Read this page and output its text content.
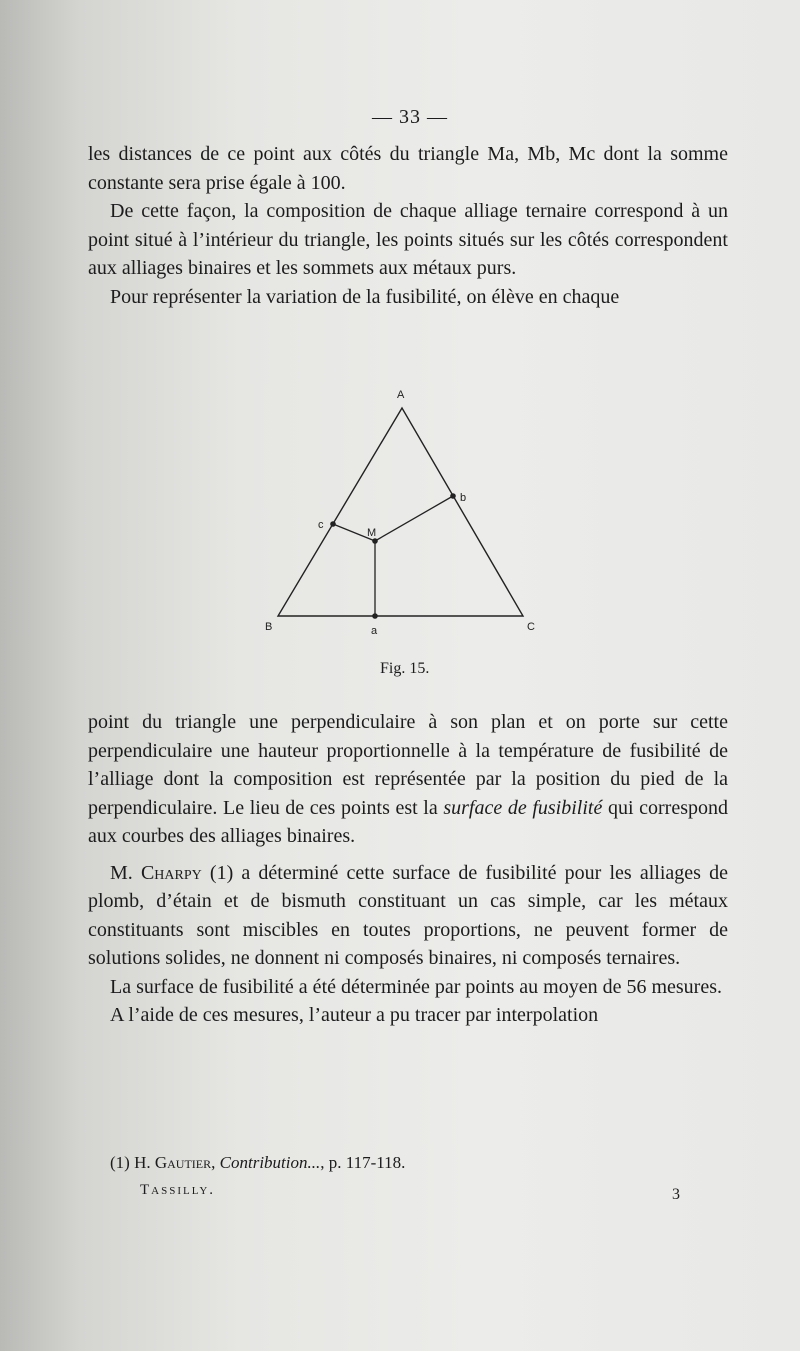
— 33 —

les distances de ce point aux côtés du triangle Ma, Mb, Mc dont la somme constante sera prise égale à 100.

De cette façon, la composition de chaque alliage ternaire correspond à un point situé à l’intérieur du triangle, les points situés sur les côtés correspondent aux alliages binaires et les sommets aux métaux purs.

Pour représenter la variation de la fusibilité, on élève en chaque

A
B	C
a
b
c
M
Fig. 15.

point du triangle une perpendiculaire à son plan et on porte sur cette perpendiculaire une hauteur proportionnelle à la température de fusibilité de l’alliage dont la composition est représentée par la position du pied de la perpendiculaire. Le lieu de ces points est la surface de fusibilité qui correspond aux courbes des alliages binaires.

M. Charpy (1) a déterminé cette surface de fusibilité pour les alliages de plomb, d’étain et de bismuth constituant un cas simple, car les métaux constituants sont miscibles en toutes proportions, ne peuvent former de solutions solides, ne donnent ni composés binaires, ni composés ternaires.

La surface de fusibilité a été déterminée par points au moyen de 56 mesures.

A l’aide de ces mesures, l’auteur a pu tracer par interpolation

(1) H. Gautier, Contribution..., p. 117-118.
Tassilly.	3
